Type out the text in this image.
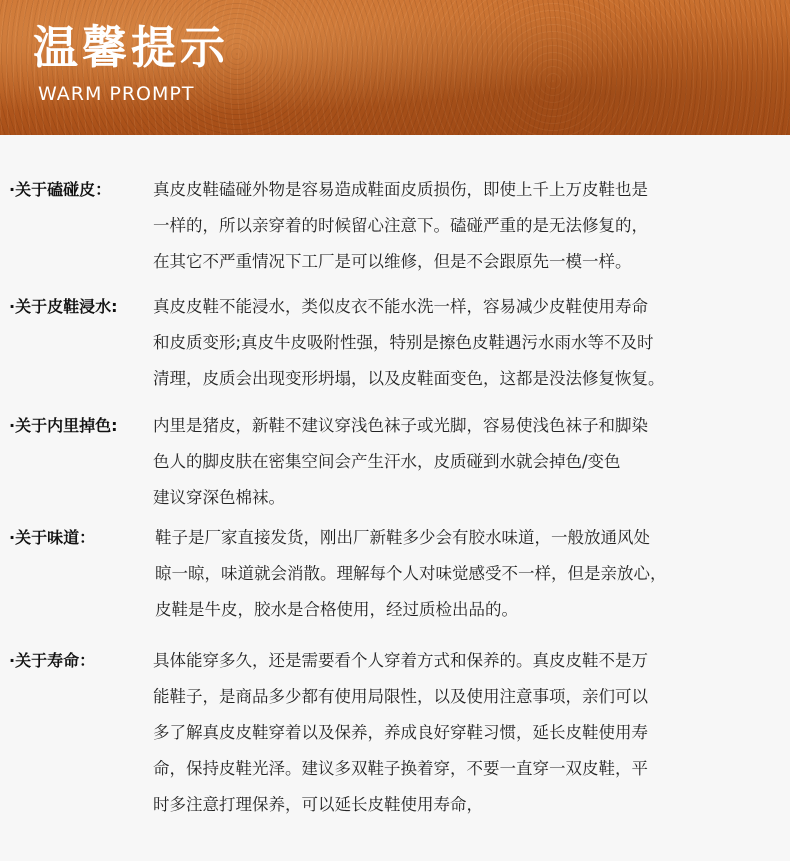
温馨提示
WARM PROMPT
·关于磕碰皮：	真皮皮鞋磕碰外物是容易造成鞋面皮质损伤，即使上千上万皮鞋也是
一样的，所以亲穿着的时候留心注意下。磕碰严重的是无法修复的，
在其它不严重情况下工厂是可以维修，但是不会跟原先一模一样。
·关于皮鞋浸水: 真皮皮鞋不能浸水，类似皮衣不能水洗一样，容易减少皮鞋使用寿命
和皮质变形;真皮牛皮吸附性强，特别是擦色皮鞋遇污水雨水等不及时
清理，皮质会出现变形坍塌，以及皮鞋面变色，这都是没法修复恢复。
·关于内里掉色: 内里是猪皮，新鞋不建议穿浅色袜子或光脚，容易使浅色袜子和脚染
色人的脚皮肤在密集空间会产生汗水，皮质碰到水就会掉色/变色
建议穿深色棉袜。
·关于味道：	鞋子是厂家直接发货，刚出厂新鞋多少会有胶水味道，一般放通风处
晾一晾，味道就会消散。理解每个人对味觉感受不一样，但是亲放心，
皮鞋是牛皮，胶水是合格使用，经过质检出品的。
·关于寿命：	具体能穿多久，还是需要看个人穿着方式和保养的。真皮皮鞋不是万
能鞋子，是商品多少都有使用局限性，以及使用注意事项，亲们可以
多了解真皮皮鞋穿着以及保养，养成良好穿鞋习惯，延长皮鞋使用寿
命，保持皮鞋光泽。建议多双鞋子换着穿，不要一直穿一双皮鞋，平
时多注意打理保养，可以延长皮鞋使用寿命，
